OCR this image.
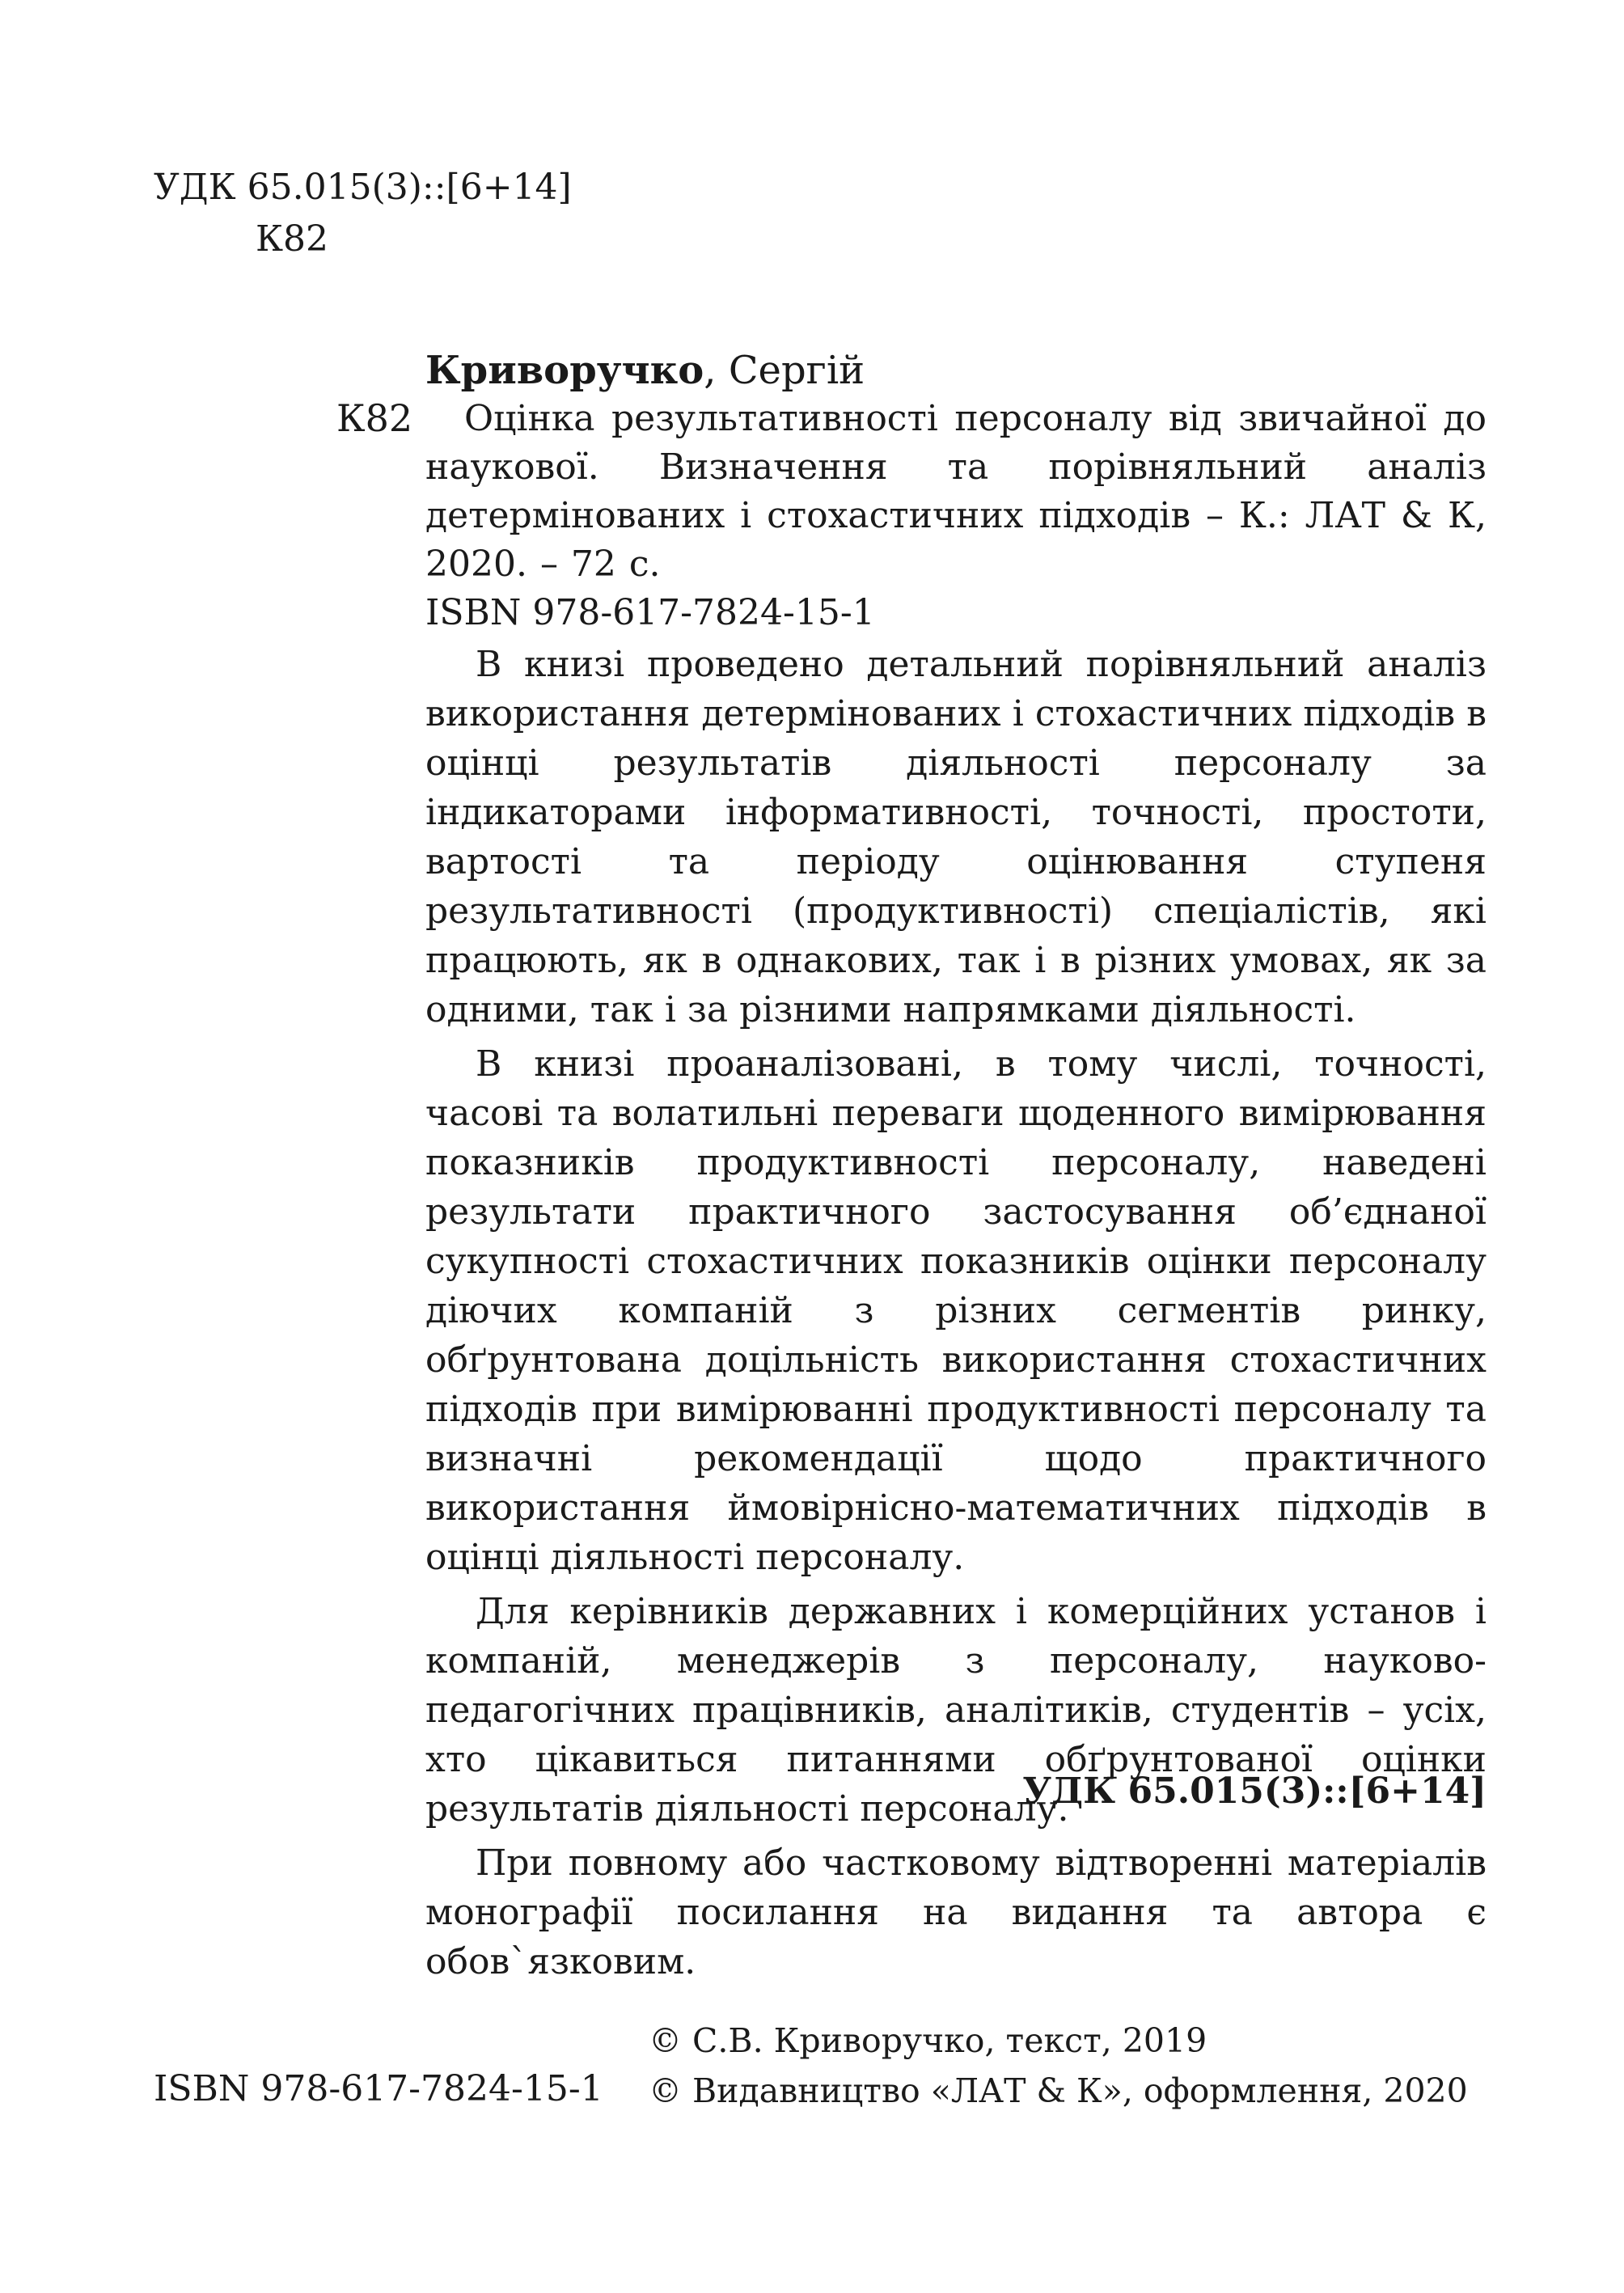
УДК 65.015(3)::[6+14]
К82
К82
Криворучко, Сергій

Оцінка результативності персоналу від звичайної до наукової. Визначення та порівняльний аналіз детермінованих і стохастичних підходів – К.: ЛАТ & К, 2020. – 72 с.

ISBN 978-617-7824-15-1

В книзі проведено детальний порівняльний аналіз використання детермінованих і стохастичних підходів в оцінці результатів діяльності персоналу за індикаторами інформативності, точності, простоти, вартості та періоду оцінювання ступеня результативності (продуктивності) спеціалістів, які працюють, як в однакових, так і в різних умовах, як за одними, так і за різними напрямками діяльності.

В книзі проаналізовані, в тому числі, точності, часові та волатильні переваги щоденного вимірювання показників продуктивності персоналу, наведені результати практичного застосування об’єднаної сукупності стохастичних показників оцінки персоналу діючих компаній з різних сегментів ринку, обґрунтована доцільність використання стохастичних підходів при вимірюванні продуктивності персоналу та визначні рекомендації щодо практичного використання ймовірнісно-математичних підходів в оцінці діяльності персоналу.

Для керівників державних і комерційних установ і компаній, менеджерів з персоналу, науково-педагогічних працівників, аналітиків, студентів – усіх, хто цікавиться питаннями обґрунтованої оцінки результатів діяльності персоналу.

При повному або частковому відтворенні матеріалів монографії посилання на видання та автора є обов`язковим.

УДК 65.015(3)::[6+14]
ISBN 978-617-7824-15-1
© С.В. Криворучко, текст, 2019
© Видавництво «ЛАТ & К», оформлення, 2020
